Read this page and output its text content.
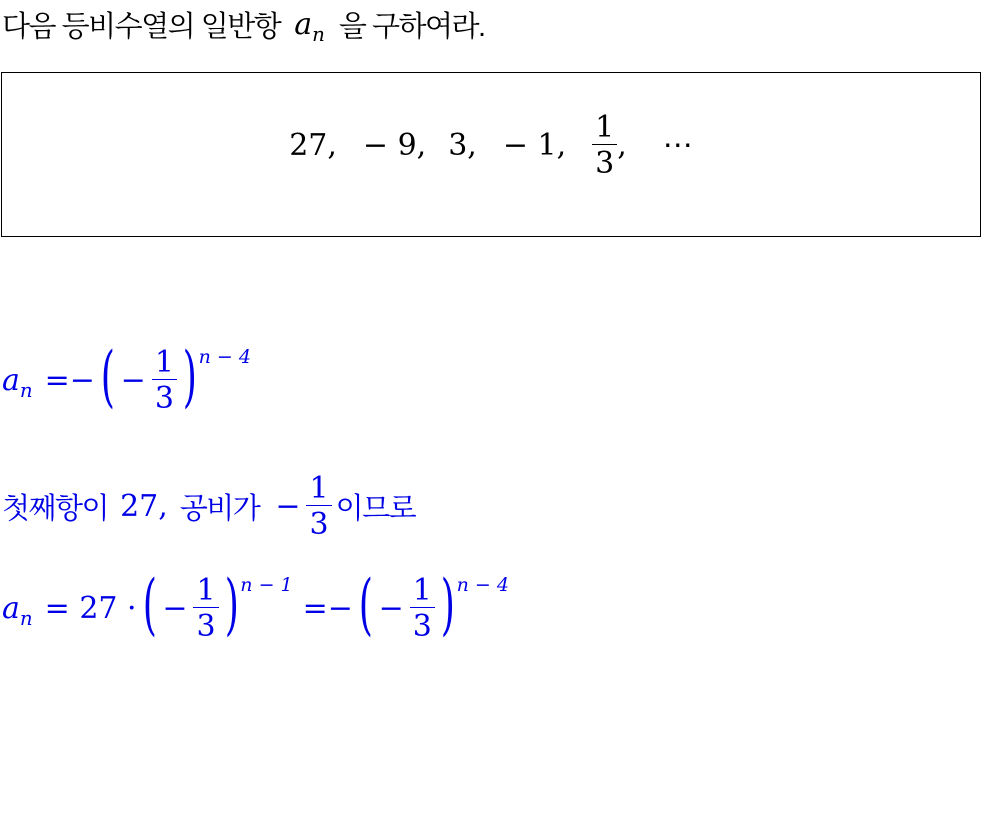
다음 등비수열의 일반항 $a_n$ 을 구하여라.
27, − 9, 3, − 1, $\frac{1}{3}$ , ⋯
$a_n$ =− ( − $\frac{1}{3}$ ) n − 4
첫째항이 27, 공비가 − $\frac{1}{3}$ 이므로
$a_n = 27$ · ( − $\frac{1}{3}$ ) n − 1
=− ( − $\frac{1}{3}$ ) n − 4
